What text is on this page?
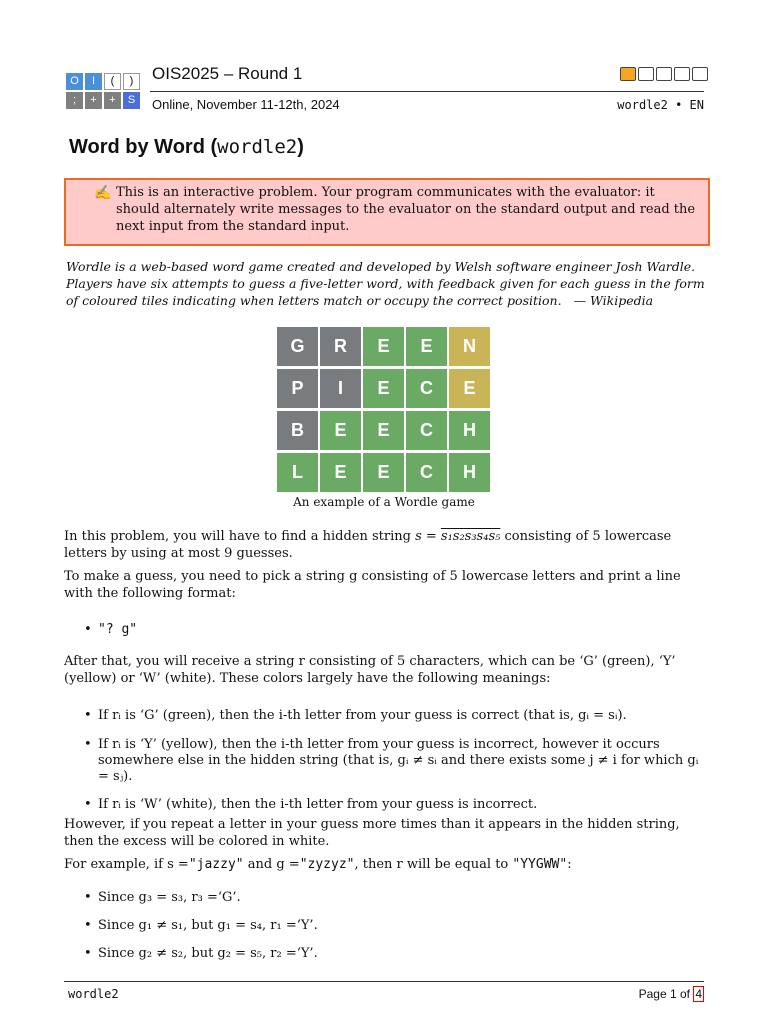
O	I	(	)
;	+	+	S
OIS2025 – Round 1
Online, November 11-12th, 2024	wordle2 • EN
Word by Word (wordle2)
✍ This is an interactive problem. Your program communicates with the evaluator: it should alternately write messages to the evaluator on the standard output and read the next input from the standard input.

Wordle is a web-based word game created and developed by Welsh software engineer Josh Wardle. Players have six attempts to guess a five-letter word, with feedback given for each guess in the form of coloured tiles indicating when letters match or occupy the correct position. — Wikipedia
G	R	E	E	N
P	I	E	C	E
B	E	E	C	H
L	E	E	C	H
An example of a Wordle game

In this problem, you will have to find a hidden string s = s₁s₂s₃s₄s₅ consisting of 5 lowercase letters by using at most 9 guesses.

To make a guess, you need to pick a string g consisting of 5 lowercase letters and print a line with the following format:
• "? g"
After that, you will receive a string r consisting of 5 characters, which can be ‘G’ (green), ‘Y’ (yellow) or ‘W’ (white). These colors largely have the following meanings:
• If rᵢ is ‘G’ (green), then the i-th letter from your guess is correct (that is, gᵢ = sᵢ).
• If rᵢ is ‘Y’ (yellow), then the i-th letter from your guess is incorrect, however it occurs somewhere else in the hidden string (that is, gᵢ ≠ sᵢ and there exists some j ≠ i for which gᵢ = sⱼ).
• If rᵢ is ‘W’ (white), then the i-th letter from your guess is incorrect.
However, if you repeat a letter in your guess more times than it appears in the hidden string, then the excess will be colored in white.

For example, if s ="jazzy" and g ="zyzyz", then r will be equal to "YYGWW":

• Since g₃ = s₃, r₃ =‘G’.
• Since g₁ ≠ s₁, but g₁ = s₄, r₁ =‘Y’.
• Since g₂ ≠ s₂, but g₂ = s₅, r₂ =‘Y’.
wordle2	Page 1 of 4
